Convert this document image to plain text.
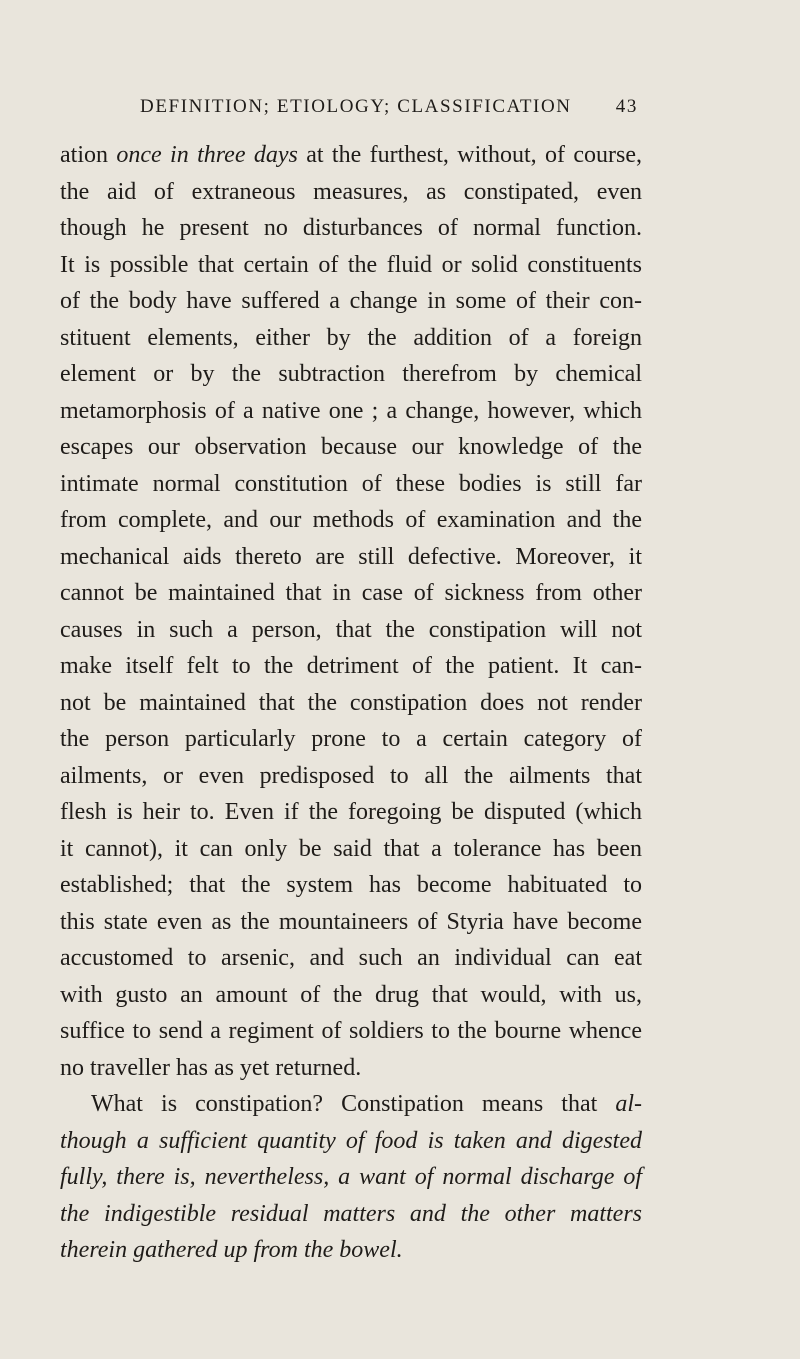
DEFINITION; ETIOLOGY; CLASSIFICATION 43
ation once in three days at the furthest, without, of course,
the aid of extraneous measures, as constipated, even
though he present no disturbances of normal function.
It is possible that certain of the fluid or solid constituents
of the body have suffered a change in some of their con-
stituent elements, either by the addition of a foreign
element or by the subtraction therefrom by chemical
metamorphosis of a native one ; a change, however, which
escapes our observation because our knowledge of the
intimate normal constitution of these bodies is still far
from complete, and our methods of examination and the
mechanical aids thereto are still defective. Moreover, it
cannot be maintained that in case of sickness from other
causes in such a person, that the constipation will not
make itself felt to the detriment of the patient. It can-
not be maintained that the constipation does not render
the person particularly prone to a certain category of
ailments, or even predisposed to all the ailments that
flesh is heir to. Even if the foregoing be disputed (which
it cannot), it can only be said that a tolerance has been
established; that the system has become habituated to
this state even as the mountaineers of Styria have become
accustomed to arsenic, and such an individual can eat
with gusto an amount of the drug that would, with us,
suffice to send a regiment of soldiers to the bourne whence
no traveller has as yet returned.
What is constipation? Constipation means that al-
though a sufficient quantity of food is taken and digested
fully, there is, nevertheless, a want of normal discharge of
the indigestible residual matters and the other matters
therein gathered up from the bowel.
